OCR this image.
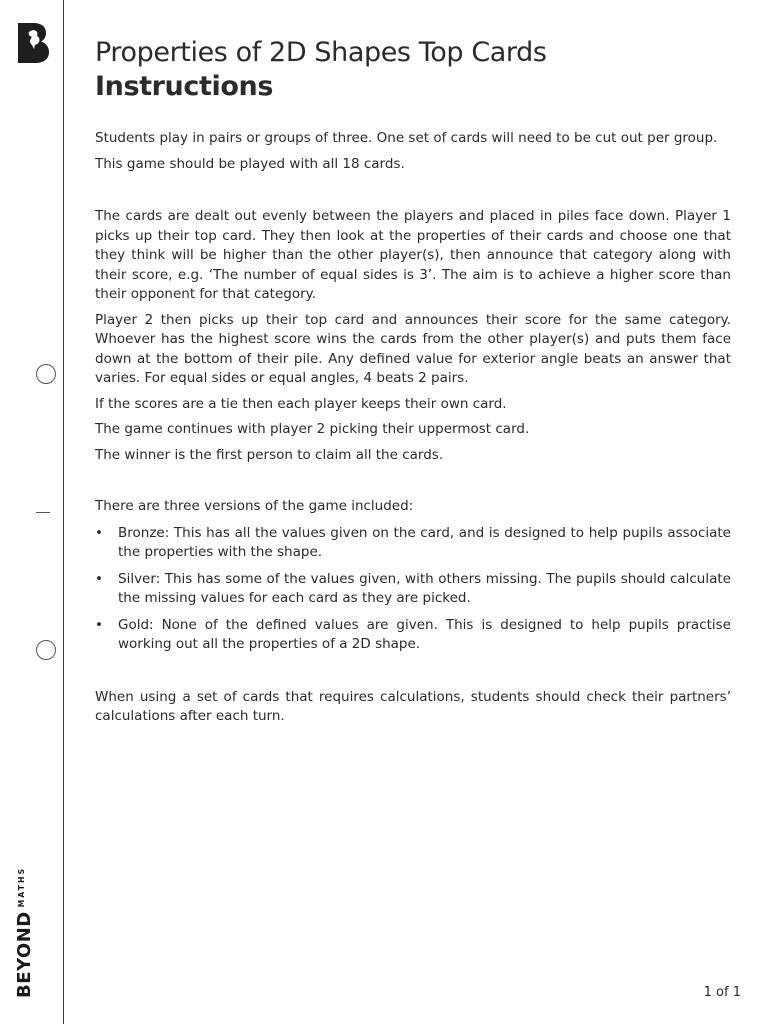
$BEYOND^{MATHS}$
Properties of 2D Shapes Top Cards
Instructions

Students play in pairs or groups of three. One set of cards will need to be cut out per group.

This game should be played with all 18 cards.

The cards are dealt out evenly between the players and placed in piles face down. Player 1 picks up their top card. They then look at the properties of their cards and choose one that they think will be higher than the other player(s), then announce that category along with their score, e.g. ‘The number of equal sides is 3’. The aim is to achieve a higher score than their opponent for that category.

Player 2 then picks up their top card and announces their score for the same category. Whoever has the highest score wins the cards from the other player(s) and puts them face down at the bottom of their pile. Any defined value for exterior angle beats an answer that varies. For equal sides or equal angles, 4 beats 2 pairs.

If the scores are a tie then each player keeps their own card.

The game continues with player 2 picking their uppermost card.

The winner is the first person to claim all the cards.

There are three versions of the game included:

• Bronze: This has all the values given on the card, and is designed to help pupils associate the properties with the shape.
• Silver: This has some of the values given, with others missing. The pupils should calculate the missing values for each card as they are picked.
• Gold: None of the defined values are given. This is designed to help pupils practise working out all the properties of a 2D shape.

When using a set of cards that requires calculations, students should check their partners’ calculations after each turn.

1 of 1
